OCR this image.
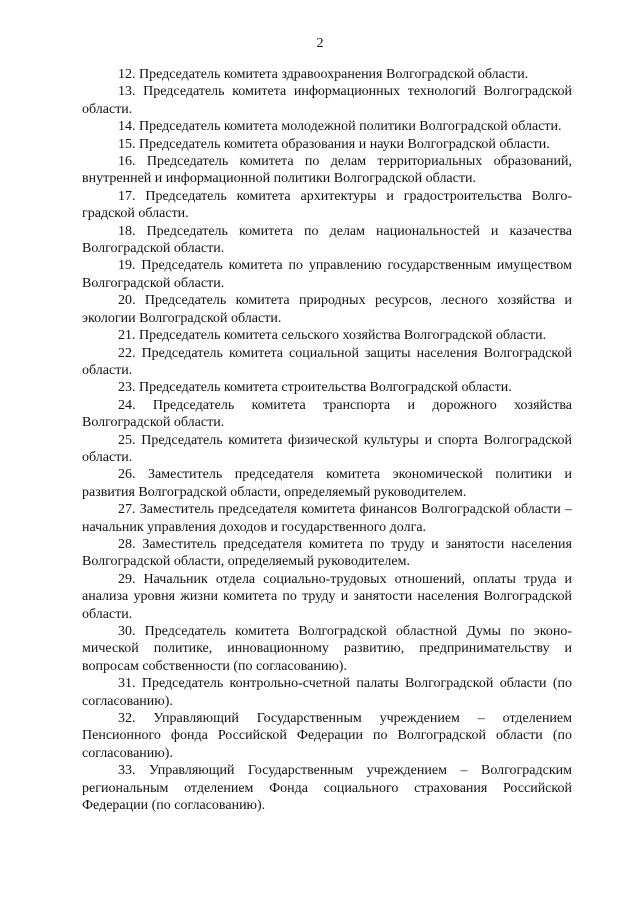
2

12. Председатель комитета здравоохранения Волгоградской области.

13. Председатель комитета информационных технологий Волгоградской области.

14. Председатель комитета молодежной политики Волгоградской области.

15. Председатель комитета образования и науки Волгоградской области.

16. Председатель комитета по делам территориальных образований, внутренней и информационной политики Волгоградской области.

17. Председатель комитета архитектуры и градостроительства Волгоградской области.

18. Председатель комитета по делам национальностей и казачества Волгоградской области.

19. Председатель комитета по управлению государственным имуществом Волгоградской области.

20. Председатель комитета природных ресурсов, лесного хозяйства и экологии Волгоградской области.

21. Председатель комитета сельского хозяйства Волгоградской области.

22. Председатель комитета социальной защиты населения Волгоградской области.

23. Председатель комитета строительства Волгоградской области.

24. Председатель комитета транспорта и дорожного хозяйства Волгоградской области.

25. Председатель комитета физической культуры и спорта Волгоградской области.

26. Заместитель председателя комитета экономической политики и развития Волгоградской области, определяемый руководителем.

27. Заместитель председателя комитета финансов Волгоградской области – начальник управления доходов и государственного долга.

28. Заместитель председателя комитета по труду и занятости населения Волгоградской области, определяемый руководителем.

29. Начальник отдела социально-трудовых отношений, оплаты труда и анализа уровня жизни комитета по труду и занятости населения Волгоградской области.

30. Председатель комитета Волгоградской областной Думы по экономической политике, инновационному развитию, предпринимательству и вопросам собственности (по согласованию).

31. Председатель контрольно-счетной палаты Волгоградской области (по согласованию).

32. Управляющий Государственным учреждением – отделением Пенсионного фонда Российской Федерации по Волгоградской области (по согласованию).

33. Управляющий Государственным учреждением – Волгоградским региональным отделением Фонда социального страхования Российской Федерации (по согласованию).
